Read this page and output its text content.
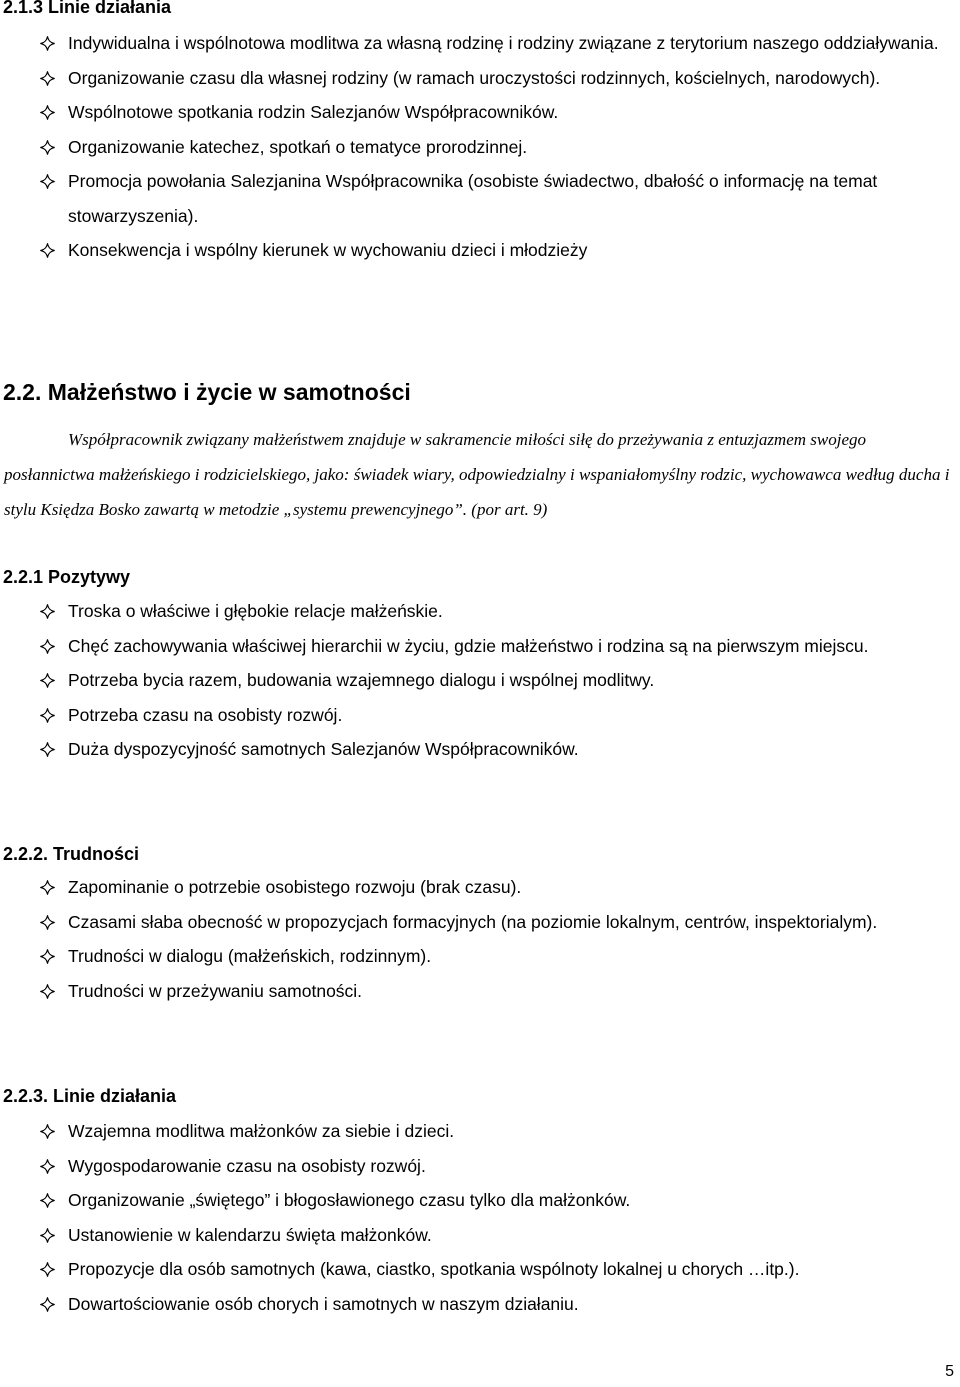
2.1.3 Linie działania
Indywidualna i wspólnotowa modlitwa za własną rodzinę i rodziny związane z terytorium naszego oddziaływania.
Organizowanie czasu dla własnej rodziny (w ramach uroczystości rodzinnych, kościelnych, narodowych).
Wspólnotowe spotkania rodzin Salezjanów Współpracowników.
Organizowanie katechez, spotkań o tematyce prorodzinnej.
Promocja powołania Salezjanina Współpracownika (osobiste świadectwo, dbałość o informację na temat stowarzyszenia).
Konsekwencja i wspólny kierunek w wychowaniu dzieci i młodzieży
2.2. Małżeństwo i życie w samotności

Współpracownik związany małżeństwem znajduje w sakramencie miłości siłę do przeżywania z entuzjazmem swojego posłannictwa małżeńskiego i rodzicielskiego, jako: świadek wiary, odpowiedzialny i wspaniałomyślny rodzic, wychowawca według ducha i stylu Księdza Bosko zawartą w metodzie „systemu prewencyjnego”. (por art. 9)

2.2.1 Pozytywy
Troska o właściwe i głębokie relacje małżeńskie.
Chęć zachowywania właściwej hierarchii w życiu, gdzie małżeństwo i rodzina są na pierwszym miejscu.
Potrzeba bycia razem, budowania wzajemnego dialogu i wspólnej modlitwy.
Potrzeba czasu na osobisty rozwój.
Duża dyspozycyjność samotnych Salezjanów Współpracowników.
2.2.2. Trudności
Zapominanie o potrzebie osobistego rozwoju (brak czasu).
Czasami słaba obecność w propozycjach formacyjnych (na poziomie lokalnym, centrów, inspektorialym).
Trudności w dialogu (małżeńskich, rodzinnym).
Trudności w przeżywaniu samotności.
2.2.3. Linie działania
Wzajemna modlitwa małżonków za siebie i dzieci.
Wygospodarowanie czasu na osobisty rozwój.
Organizowanie „świętego” i błogosławionego czasu tylko dla małżonków.
Ustanowienie w kalendarzu święta małżonków.
Propozycje dla osób samotnych (kawa, ciastko, spotkania wspólnoty lokalnej u chorych …itp.).
Dowartościowanie osób chorych i samotnych w naszym działaniu.
5
